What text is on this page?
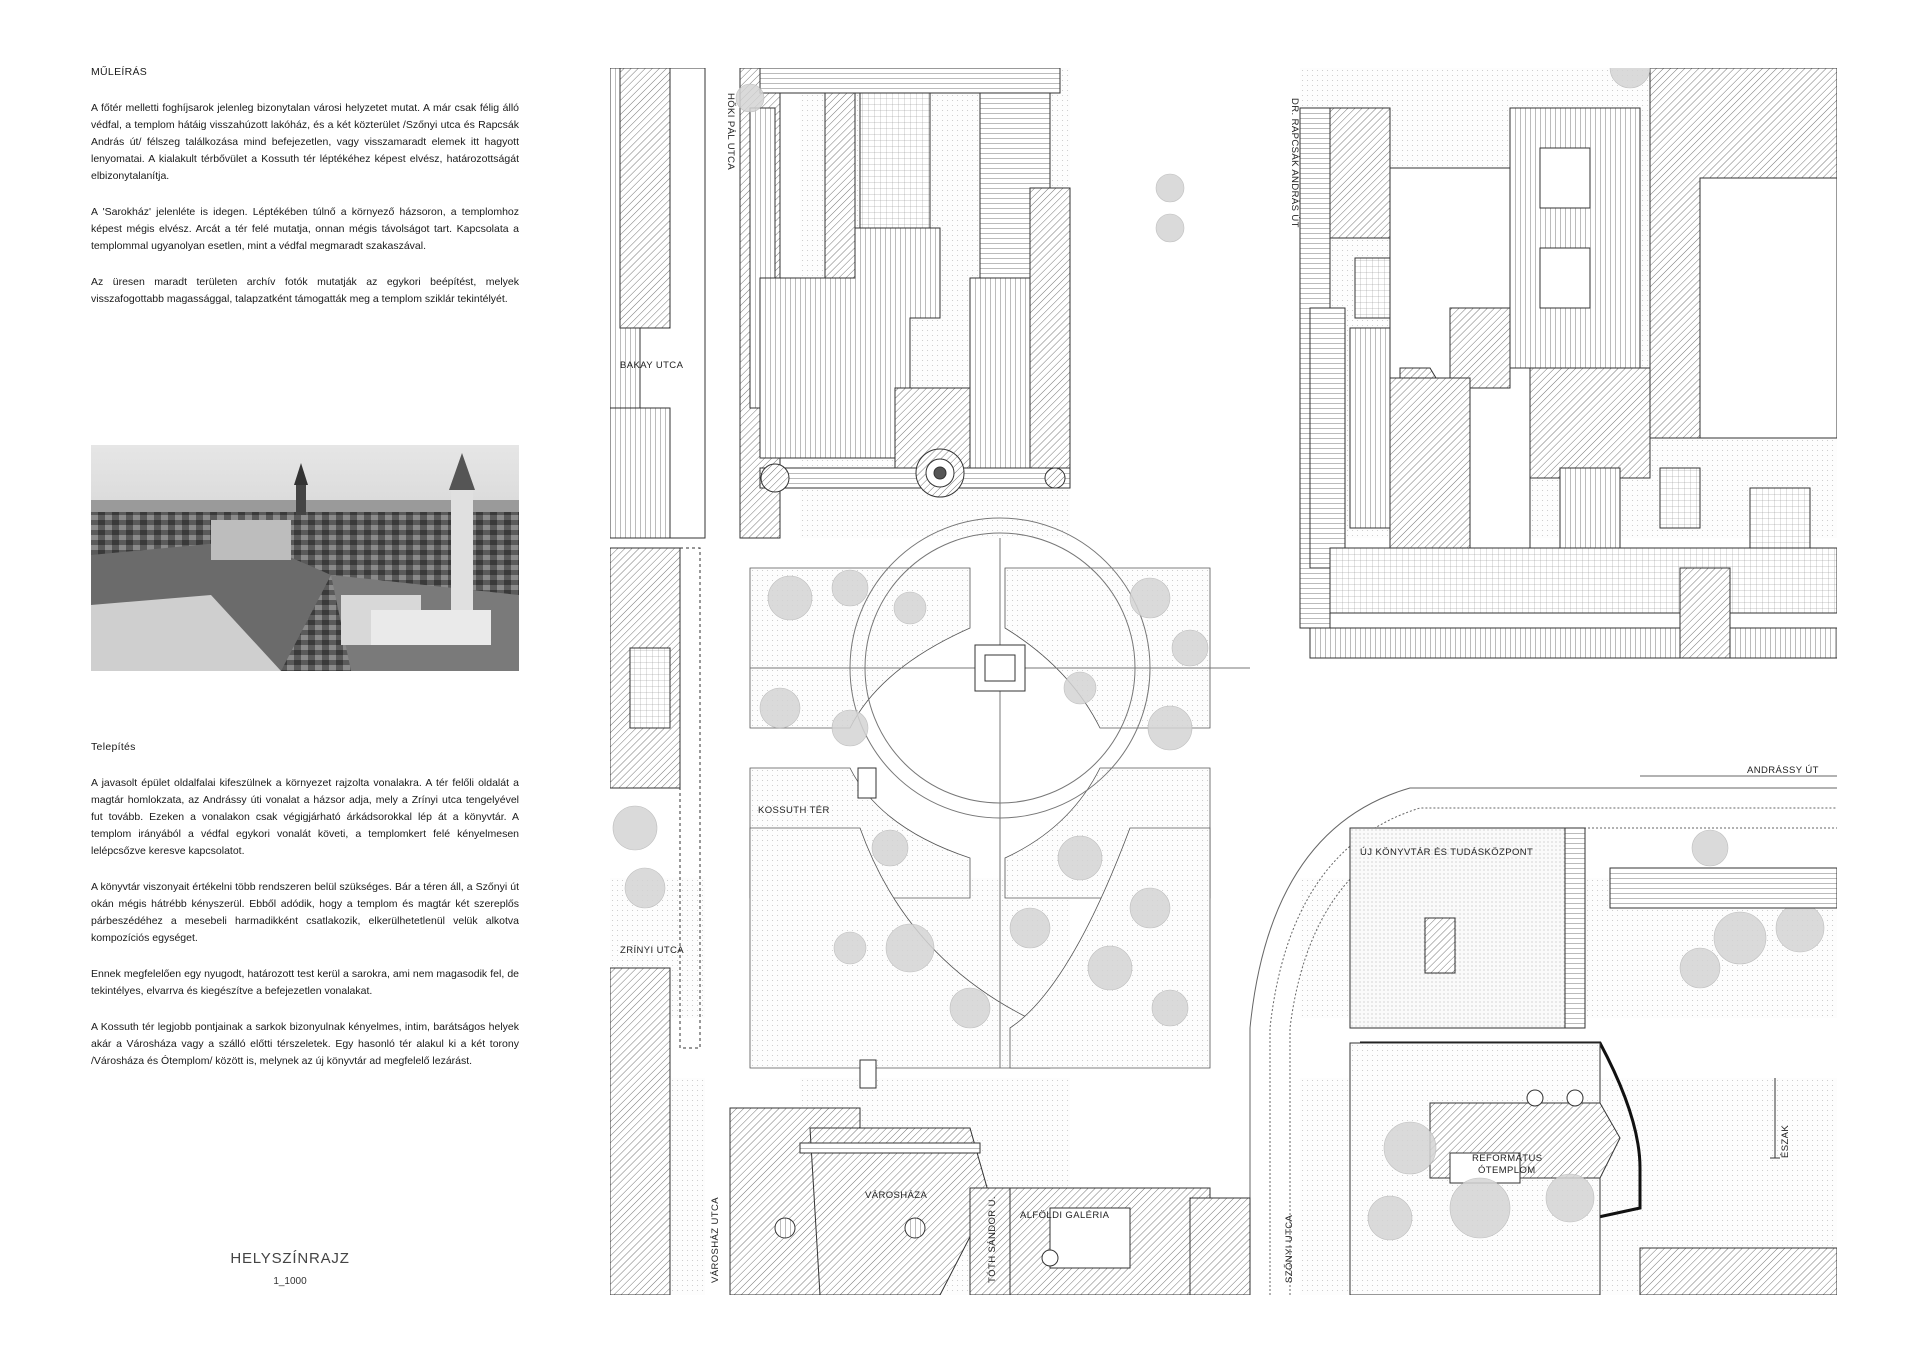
MŰLEÍRÁS

A főtér melletti foghíjsarok jelenleg bizonytalan városi helyzetet mutat. A már csak félig álló védfal, a templom hátáig visszahúzott lakóház, és a két közterület /Szőnyi utca és Rapcsák András út/ félszeg találkozása mind befejezetlen, vagy visszamaradt elemek itt hagyott lenyomatai. A kialakult térbővület a Kossuth tér léptékéhez képest elvész, határozottságát elbizonytalanítja.

A 'Sarokház' jelenléte is idegen. Léptékében túlnő a környező házsoron, a templomhoz képest mégis elvész. Arcát a tér felé mutatja, onnan mégis távolságot tart. Kapcsolata a templommal ugyanolyan esetlen, mint a védfal megmaradt szakaszával.

Az üresen maradt területen archív fotók mutatják az egykori beépítést, melyek visszafogottabb magassággal, talapzatként támogatták meg a templom sziklár tekintélyét.

Telepítés

A javasolt épület oldalfalai kifeszülnek a környezet rajzolta vonalakra. A tér felőli oldalát a magtár homlokzata, az Andrássy úti vonalat a házsor adja, mely a Zrínyi utca tengelyével fut tovább. Ezeken a vonalakon csak végigjárható árkádsorokkal lép át a könyvtár. A templom irányából a védfal egykori vonalát követi, a templomkert felé kényelmesen lelépcsőzve keresve kapcsolatot.

A könyvtár viszonyait értékelni több rendszeren belül szükséges. Bár a téren áll, a Szőnyi út okán mégis hátrébb kényszerül. Ebből adódik, hogy a templom és magtár két szereplős párbeszédéhez a mesebeli harmadikként csatlakozik, elkerülhetetlenül velük alkotva kompozíciós egységet.

Ennek megfelelően egy nyugodt, határozott test kerül a sarokra, ami nem magasodik fel, de tekintélyes, elvarrva és kiegészítve a befejezetlen vonalakat.

A Kossuth tér legjobb pontjainak a sarkok bizonyulnak kényelmes, intim, barátságos helyek akár a Városháza vagy a szálló előtti térszeletek. Egy hasonló tér alakul ki a két torony /Városháza és Ótemplom/ között is, melynek az új könyvtár ad megfelelő lezárást.

HELYSZÍNRAJZ
1_1000
HŐKI PÁL UTCA	DR. RAPCSÁK ANDRÁS ÚT
BAKAY UTCA
KOSSUTH TÉR
ANDRÁSSY ÚT
ZRÍNYI UTCA
ÚJ KÖNYVTÁR ÉS TUDÁSKÖZPONT
VÁROSHÁZA
ALFÖLDI GALÉRIA
VÁROSHÁZ UTCA	TÓTH SÁNDOR U.	SZŐNYI UTCA
REFORMÁTUS
ÓTEMPLOM
ÉSZAK
